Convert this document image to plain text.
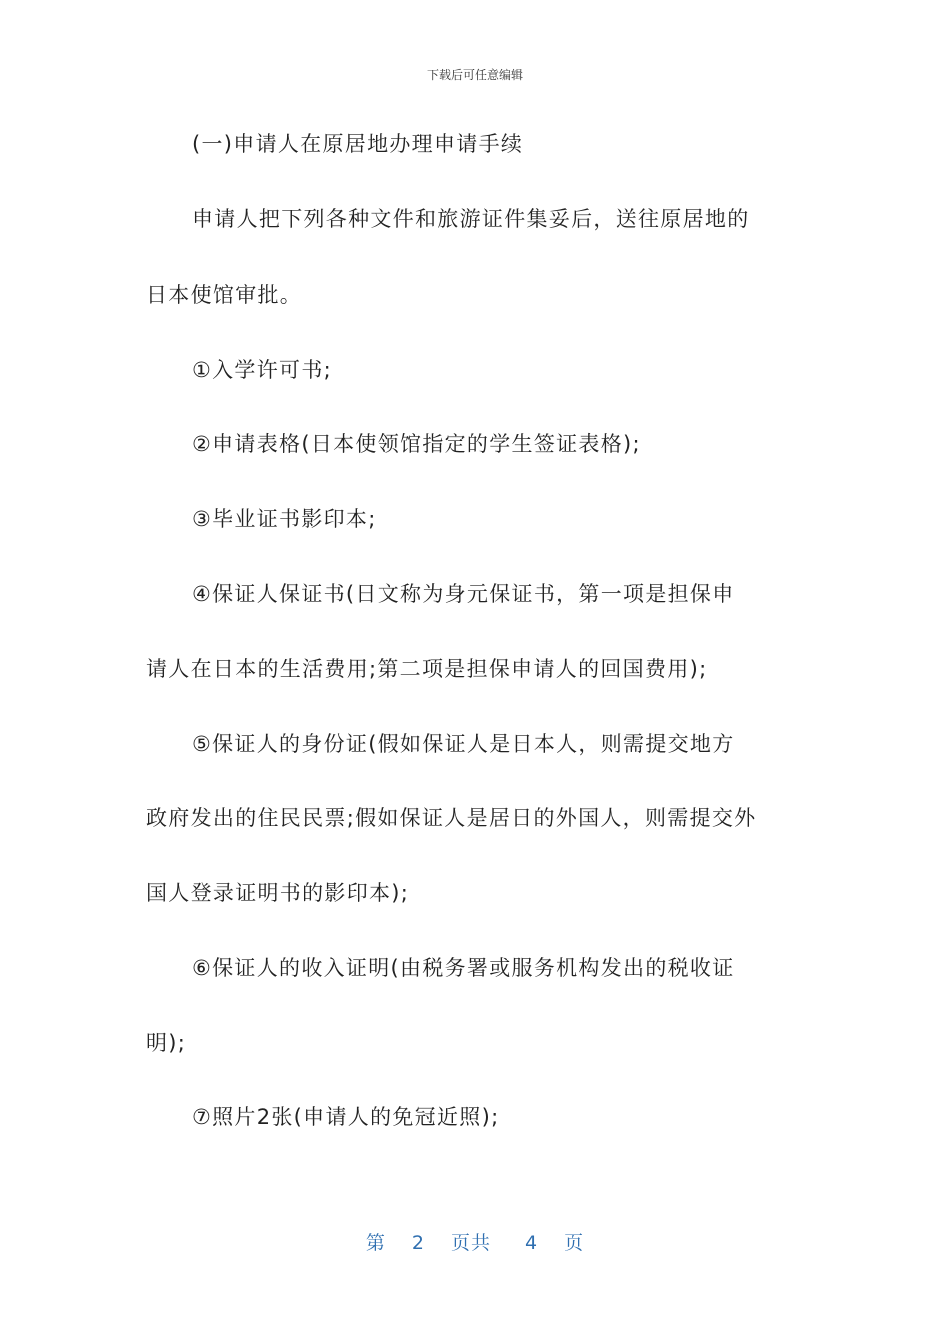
下载后可任意编辑
(一)申请人在原居地办理申请手续
申请人把下列各种文件和旅游证件集妥后，送往原居地的
日本使馆审批。
①入学许可书;
②申请表格(日本使领馆指定的学生签证表格);
③毕业证书影印本;
④保证人保证书(日文称为身元保证书，第一项是担保申
请人在日本的生活费用;第二项是担保申请人的回国费用);
⑤保证人的身份证(假如保证人是日本人，则需提交地方
政府发出的住民民票;假如保证人是居日的外国人，则需提交外
国人登录证明书的影印本);
⑥保证人的收入证明(由税务署或服务机构发出的税收证
明);
⑦照片2张(申请人的免冠近照);
第 2 页共 4 页
